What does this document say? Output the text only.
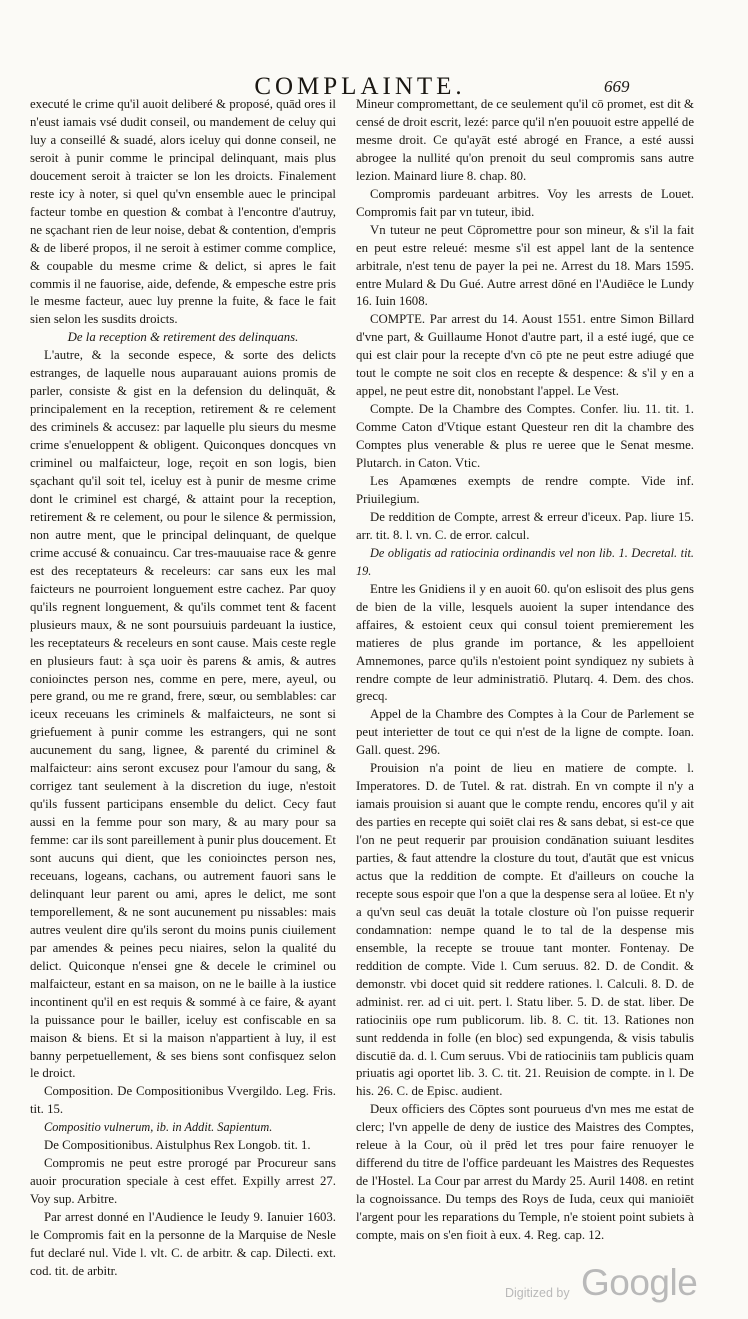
COMPLAINTE.	669

executé le crime qu'il auoit deliberé & proposé, quād ores il n'eust iamais vsé dudit conseil, ou mandement de celuy qui luy a conseillé & suadé, alors iceluy qui donne conseil, ne seroit à punir comme le principal delinquant, mais plus doucement seroit à traicter se lon les droicts. Finalement reste icy à noter, si quel qu'vn ensemble auec le principal facteur tombe en question & combat à l'encontre d'autruy, ne sçachant rien de leur noise, debat & contention, d'empris & de liberé propos, il ne seroit à estimer comme complice, & coupable du mesme crime & delict, si apres le fait commis il ne fauorise, aide, defende, & empesche estre pris le mesme facteur, auec luy prenne la fuite, & face le fait sien selon les susdits droicts.

De la reception & retirement des delinquans.

L'autre, & la seconde espece, & sorte des delicts estranges, de laquelle nous auparauant auions promis de parler, consiste & gist en la defension du delinquāt, & principalement en la reception, retirement & re celement des criminels & accusez: par laquelle plu sieurs du mesme crime s'enueloppent & obligent. Quiconques doncques vn criminel ou malfaicteur, loge, reçoit en son logis, bien sçachant qu'il soit tel, iceluy est à punir de mesme crime dont le criminel est chargé, & attaint pour la reception, retirement & re celement, ou pour le silence & permission, non autre ment, que le principal delinquant, de quelque crime accusé & conuaincu. Car tres-mauuaise race & genre est des receptateurs & receleurs: car sans eux les mal faicteurs ne pourroient longuement estre cachez. Par quoy qu'ils regnent longuement, & qu'ils commet tent & facent plusieurs maux, & ne sont poursuiuis pardeuant la iustice, les receptateurs & receleurs en sont cause. Mais ceste regle en plusieurs faut: à sça uoir ès parens & amis, & autres conioinctes person nes, comme en pere, mere, ayeul, ou pere grand, ou me re grand, frere, sœur, ou semblables: car iceux receuans les criminels & malfaicteurs, ne sont si griefuement à punir comme les estrangers, qui ne sont aucunement du sang, lignee, & parenté du criminel & malfaicteur: ains seront excusez pour l'amour du sang, & corrigez tant seulement à la discretion du iuge, n'estoit qu'ils fussent participans ensemble du delict. Cecy faut aussi en la femme pour son mary, & au mary pour sa femme: car ils sont pareillement à punir plus doucement. Et sont aucuns qui dient, que les conioinctes person nes, receuans, logeans, cachans, ou autrement fauori sans le delinquant leur parent ou ami, apres le delict, me sont temporellement, & ne sont aucunement pu nissables: mais autres veulent dire qu'ils seront du moins punis ciuilement par amendes & peines pecu niaires, selon la qualité du delict. Quiconque n'ensei gne & decele le criminel ou malfaicteur, estant en sa maison, on ne le baille à la iustice incontinent qu'il en est requis & sommé à ce faire, & ayant la puissance pour le bailler, iceluy est confiscable en sa maison & biens. Et si la maison n'appartient à luy, il est banny perpetuellement, & ses biens sont confisquez selon le droict.

Composition. De Compositionibus Vvergildo. Leg. Fris. tit. 15.

Compositio vulnerum, ib. in Addit. Sapientum.

De Compositionibus. Aistulphus Rex Longob. tit. 1.

Compromis ne peut estre prorogé par Procureur sans auoir procuration speciale à cest effet. Expilly arrest 27. Voy sup. Arbitre.

Par arrest donné en l'Audience le Ieudy 9. Ianuier 1603. le Compromis fait en la personne de la Marquise de Nesle fut declaré nul. Vide l. vlt. C. de arbitr. & cap. Dilecti. ext. cod. tit. de arbitr.

Mineur compromettant, de ce seulement qu'il cō promet, est dit & censé de droit escrit, lezé: parce qu'il n'en pouuoit estre appellé de mesme droit. Ce qu'ayāt esté abrogé en France, a esté aussi abrogee la nullité qu'on prenoit du seul compromis sans autre lezion. Mainard liure 8. chap. 80.

Compromis pardeuant arbitres. Voy les arrests de Louet. Compromis fait par vn tuteur, ibid.

Vn tuteur ne peut Cōpromettre pour son mineur, & s'il la fait en peut estre releué: mesme s'il est appel lant de la sentence arbitrale, n'est tenu de payer la pei ne. Arrest du 18. Mars 1595. entre Mulard & Du Gué. Autre arrest dōné en l'Audiēce le Lundy 16. Iuin 1608.

COMPTE. Par arrest du 14. Aoust 1551. entre Simon Billard d'vne part, & Guillaume Honot d'autre part, il a esté iugé, que ce qui est clair pour la recepte d'vn cō pte ne peut estre adiugé que tout le compte ne soit clos en recepte & despence: & s'il y en a appel, ne peut estre dit, nonobstant l'appel. Le Vest.

Compte. De la Chambre des Comptes. Confer. liu. 11. tit. 1. Comme Caton d'Vtique estant Questeur ren dit la chambre des Comptes plus venerable & plus re ueree que le Senat mesme. Plutarch. in Caton. Vtic.

Les Apamœnes exempts de rendre compte. Vide inf. Priuilegium.

De reddition de Compte, arrest & erreur d'iceux. Pap. liure 15. arr. tit. 8. l. vn. C. de error. calcul.

De obligatis ad ratiocinia ordinandis vel non lib. 1. Decretal. tit. 19.

Entre les Gnidiens il y en auoit 60. qu'on eslisoit des plus gens de bien de la ville, lesquels auoient la super intendance des affaires, & estoient ceux qui consul toient premierement les matieres de plus grande im portance, & les appelloient Amnemones, parce qu'ils n'estoient point syndiquez ny subiets à rendre compte de leur administratiō. Plutarq. 4. Dem. des chos. grecq.

Appel de la Chambre des Comptes à la Cour de Parlement se peut interietter de tout ce qui n'est de la ligne de compte. Ioan. Gall. quest. 296.

Prouision n'a point de lieu en matiere de compte. l. Imperatores. D. de Tutel. & rat. distrah. En vn compte il n'y a iamais prouision si auant que le compte rendu, encores qu'il y ait des parties en recepte qui soiēt clai res & sans debat, si est-ce que l'on ne peut requerir par prouision condānation suiuant lesdites parties, & faut attendre la closture du tout, d'autāt que est vnicus actus que la reddition de compte. Et d'ailleurs on couche la recepte sous espoir que l'on a que la despense sera al loüee. Et n'y a qu'vn seul cas deuāt la totale closture où l'on puisse requerir condamnation: nempe quand le to tal de la despense mis ensemble, la recepte se trouue tant monter. Fontenay. De reddition de compte. Vide l. Cum seruus. 82. D. de Condit. & demonstr. vbi docet quid sit reddere rationes. l. Calculi. 8. D. de administ. rer. ad ci uit. pert. l. Statu liber. 5. D. de stat. liber. De ratiociniis ope rum publicorum. lib. 8. C. tit. 13. Rationes non sunt reddenda in folle (en bloc) sed expungenda, & visis tabulis discutiē da. d. l. Cum seruus. Vbi de ratiociniis tam publicis quam priuatis agi oportet lib. 3. C. tit. 21. Reuision de compte. in l. De his. 26. C. de Episc. audient.

Deux officiers des Cōptes sont pourueus d'vn mes me estat de clerc; l'vn appelle de deny de iustice des Maistres des Comptes, releue à la Cour, où il prēd let tres pour faire renuoyer le differend du titre de l'office pardeuant les Maistres des Requestes de l'Hostel. La Cour par arrest du Mardy 25. Auril 1408. en retint la cognoissance. Du temps des Roys de Iuda, ceux qui manioiēt l'argent pour les reparations du Temple, n'e stoient point subiets à compte, mais on s'en fioit à eux. 4. Reg. cap. 12.

Digitized by Google
